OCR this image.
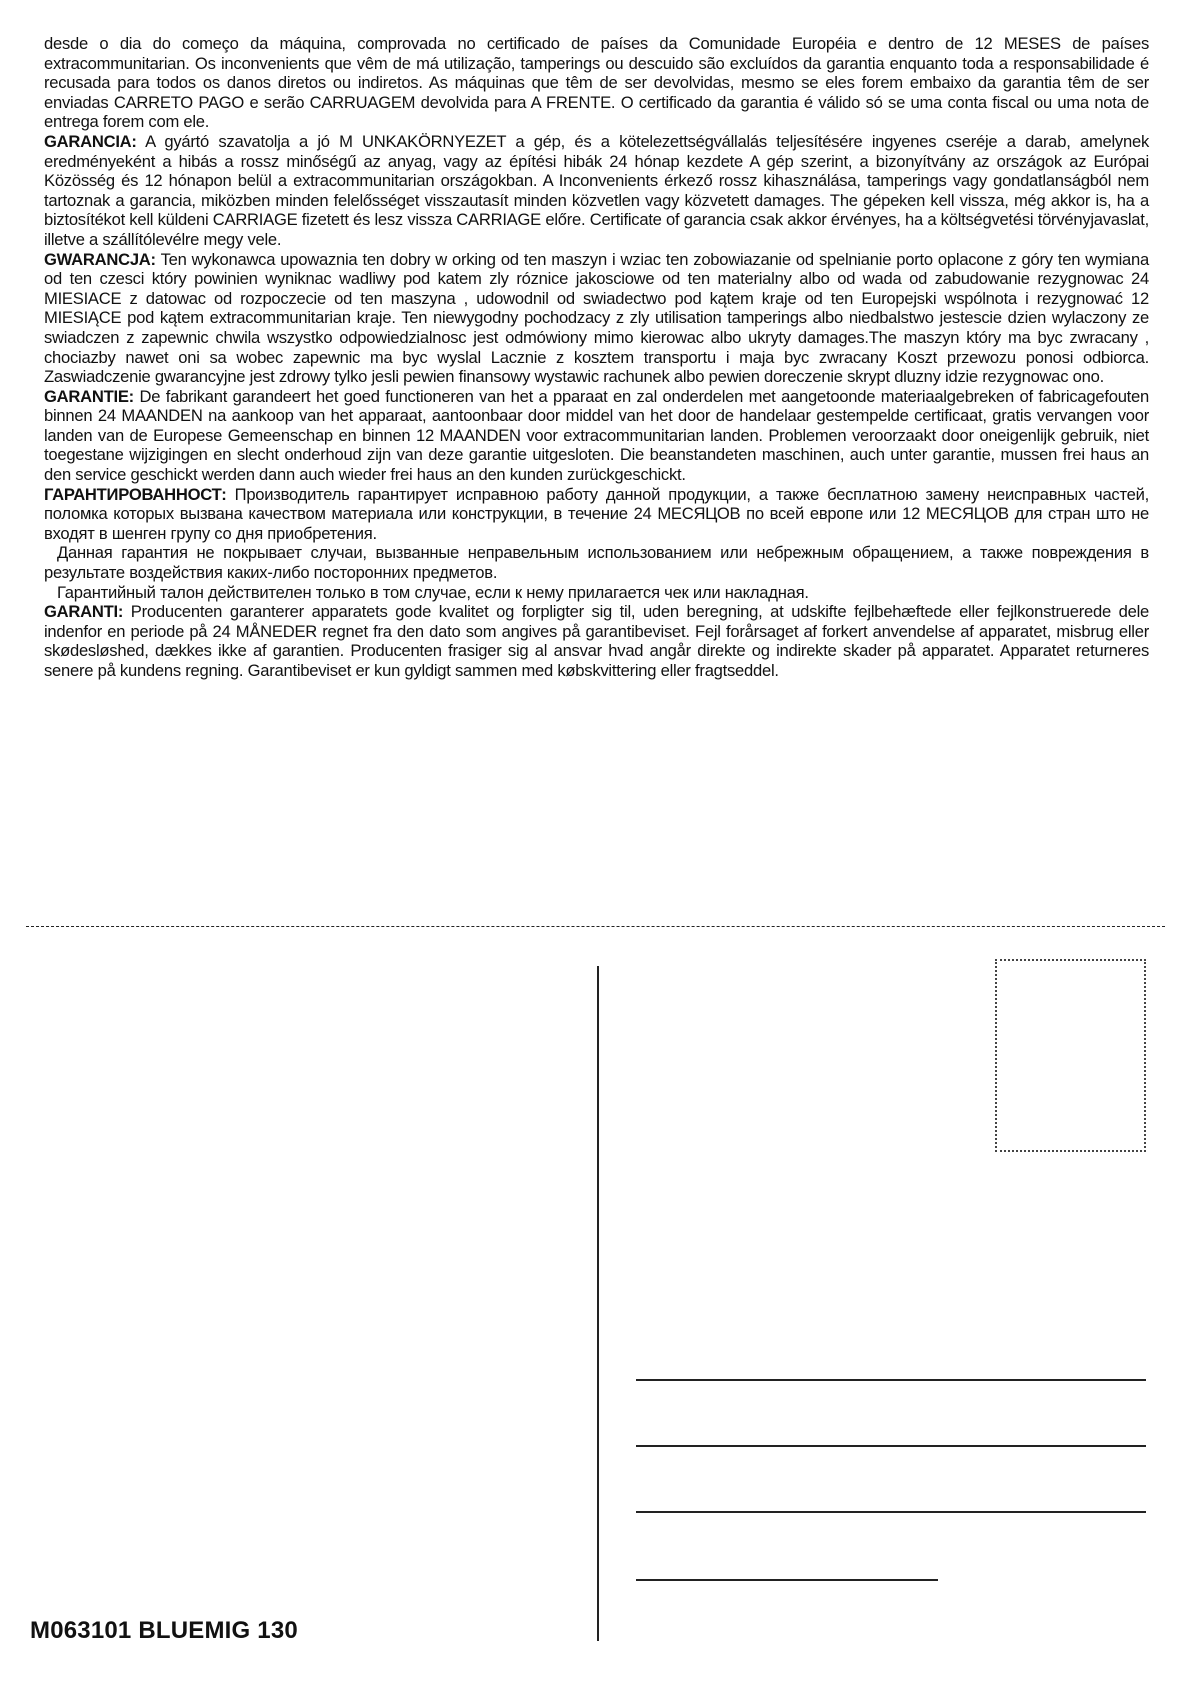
desde o dia do começo da máquina, comprovada no certificado de países da Comunidade Européia e dentro de 12 MESES de países extracommunitarian. Os inconvenients que vêm de má utilização, tamperings ou descuido são excluídos da garantia enquanto toda a responsabilidade é recusada para todos os danos diretos ou indiretos. As máquinas que têm de ser devolvidas, mesmo se eles forem embaixo da garantia têm de ser enviadas CARRETO PAGO e serão CARRUAGEM devolvida para A FRENTE. O certificado da garantia é válido só se uma conta fiscal ou uma nota de entrega forem com ele.

GARANCIA: A gyártó szavatolja a jó M UNKAKÖRNYEZET a gép, és a kötelezettségvállalás teljesítésére ingyenes cseréje a darab, amelynek eredményeként a hibás a rossz minőségű az anyag, vagy az építési hibák 24 hónap kezdete A gép szerint, a bizonyítvány az országok az Európai Közösség és 12 hónapon belül a extracommunitarian országokban. A Inconvenients érkező rossz kihasználása, tamperings vagy gondatlanságból nem tartoznak a garancia, miközben minden felelősséget visszautasít minden közvetlen vagy közvetett damages. The gépeken kell vissza, még akkor is, ha a biztosítékot kell küldeni CARRIAGE fizetett és lesz vissza CARRIAGE előre. Certificate of garancia csak akkor érvényes, ha a költségvetési törvényjavaslat, illetve a szállítólevélre megy vele.

GWARANCJA: Ten wykonawca upowaznia ten dobry w orking od ten maszyn i wziac ten zobowiazanie od spelnianie porto oplacone z góry ten wymiana od ten czesci który powinien wyniknac wadliwy pod katem zly róznice jakosciowe od ten materialny albo od wada od zabudowanie rezygnowac 24 MIESIACE z datowac od rozpoczecie od ten maszyna , udowodnil od swiadectwo pod kątem kraje od ten Europejski wspólnota i rezygnować 12 MIESIĄCE pod kątem extracommunitarian kraje. Ten niewygodny pochodzacy z zly utilisation tamperings albo niedbalstwo jestescie dzien wylaczony ze swiadczen z zapewnic chwila wszystko odpowiedzialnosc jest odmówiony mimo kierowac albo ukryty damages.The maszyn który ma byc zwracany , chociazby nawet oni sa wobec zapewnic ma byc wyslal Lacznie z kosztem transportu i maja byc zwracany Koszt przewozu ponosi odbiorca. Zaswiadczenie gwarancyjne jest zdrowy tylko jesli pewien finansowy wystawic rachunek albo pewien doreczenie skrypt dluzny idzie rezygnowac ono.

GARANTIE: De fabrikant garandeert het goed functioneren van het a pparaat en zal onderdelen met aangetoonde materiaalgebreken of fabricagefouten binnen 24 MAANDEN na aankoop van het apparaat, aantoonbaar door middel van het door de handelaar gestempelde certificaat, gratis vervangen voor landen van de Europese Gemeenschap en binnen 12 MAANDEN voor extracommunitarian landen. Problemen veroorzaakt door oneigenlijk gebruik, niet toegestane wijzigingen en slecht onderhoud zijn van deze garantie uitgesloten. Die beanstandeten maschinen, auch unter garantie, mussen frei haus an den service geschickt werden dann auch wieder frei haus an den kunden zurückgeschickt.

ГАРАНТИРОВАННОСТ: Производитель гарантирует исправною работу данной продукции, а также бесплатною замену неисправных частей, поломка которых вызвана качеством материала или конструкции, в течение 24 МЕСЯЦОВ по всей европе или 12 МЕСЯЦОВ для стран што не входят в шенген групу со дня приобретения.

Данная гарантия не покрывает случаи, вызванные неправельным использованием или небрежным обращением, а также повреждения в результате воздействия каких-либо посторонних предметов.

Гарантийный талон действителен только в том случае, если к нему прилагается чек или накладная.

GARANTI: Producenten garanterer apparatets gode kvalitet og forpligter sig til, uden beregning, at udskifte fejlbehæftede eller fejlkonstruerede dele indenfor en periode på 24 MÅNEDER regnet fra den dato som angives på garantibeviset. Fejl forårsaget af forkert anvendelse af apparatet, misbrug eller skødesløshed, dækkes ikke af garantien. Producenten frasiger sig al ansvar hvad angår direkte og indirekte skader på apparatet. Apparatet returneres senere på kundens regning. Garantibeviset er kun gyldigt sammen med købskvittering eller fragtseddel.

M063101 BLUEMIG 130
